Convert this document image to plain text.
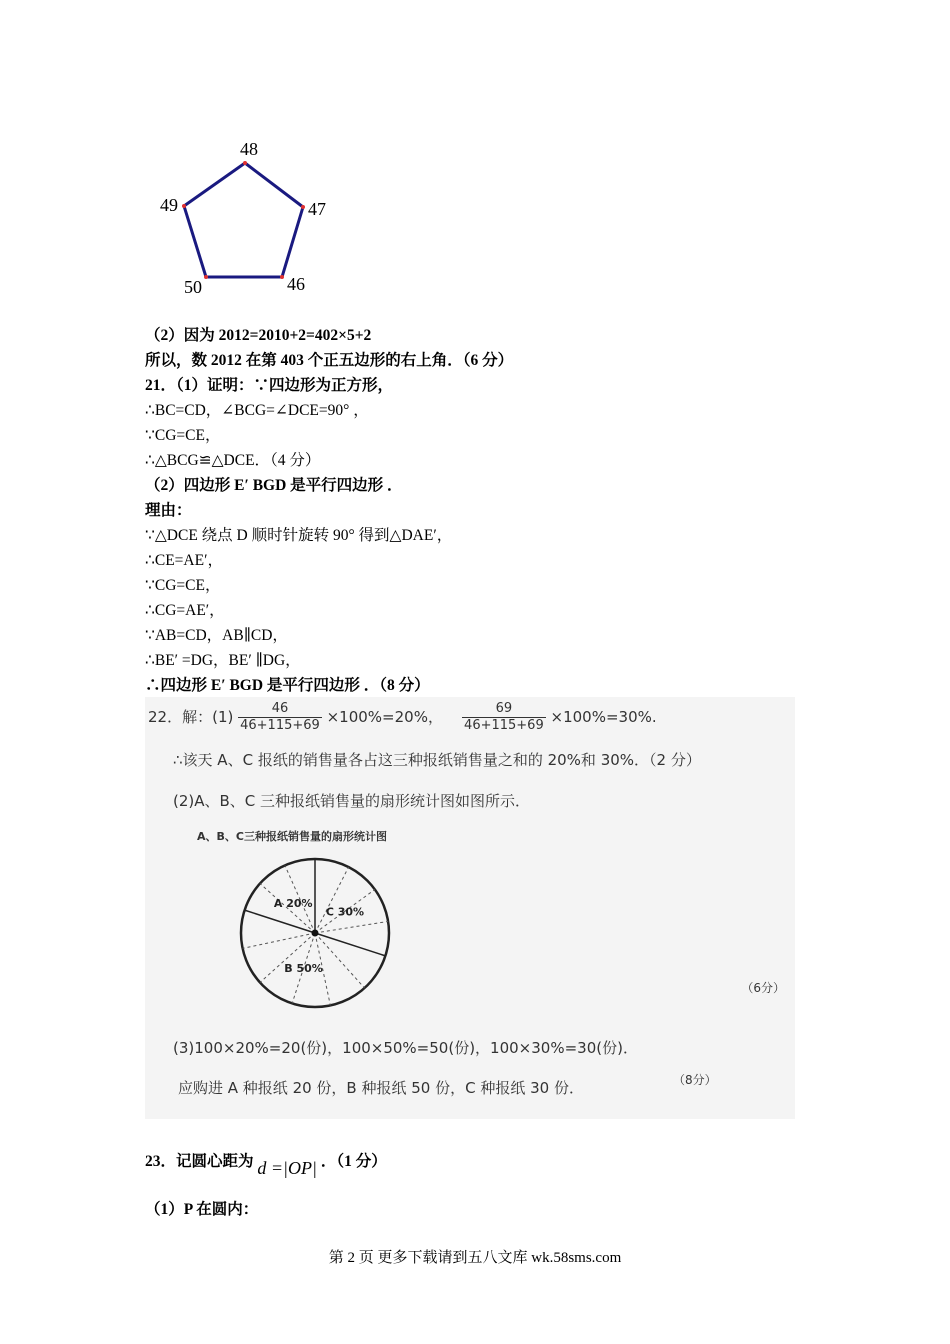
48
47
46
50
49
（2）因为 2012=2010+2=402×5+2
所以，数 2012 在第 403 个正五边形的右上角．（6 分）
21．（1）证明：∵四边形为正方形，
∴BC=CD，∠BCG=∠DCE=90° ，
∵CG=CE，
∴△BCG≌△DCE．（4 分）
（2）四边形 E′ BGD 是平行四边形 ．
理由：
∵△DCE 绕点 D 顺时针旋转 90° 得到△DAE′，
∴CE=AE′，
∵CG=CE，
∴CG=AE′，
∵AB=CD，AB∥CD，
∴BE′ =DG，BE′ ∥DG，
∴四边形 E′ BGD 是平行四边形 ．（8 分）
22．解：$(1) \frac{46}{46+115+69} \times 100\%=20\%$， $\frac{69}{46+115+69} \times 100\%=30\%$.
∴该天 A、C 报纸的销售量各占这三种报纸销售量之和的 20%和 30%．（2 分）
(2)A、B、C 三种报纸销售量的扇形统计图如图所示．
A、B、C三种报纸销售量的扇形统计图
A 20%
C 30%
B 50%
（6分）
(3)100×20%=20(份)，100×50%=50(份)，100×30%=30(份)．
应购进 A 种报纸 20 份，B 种报纸 50 份，C 种报纸 30 份．	（8分）
23．记圆心距为 d =|OP| ．（1 分）
（1）P 在圆内：
第 2 页 更多下载请到五八文库 wk.58sms.com
